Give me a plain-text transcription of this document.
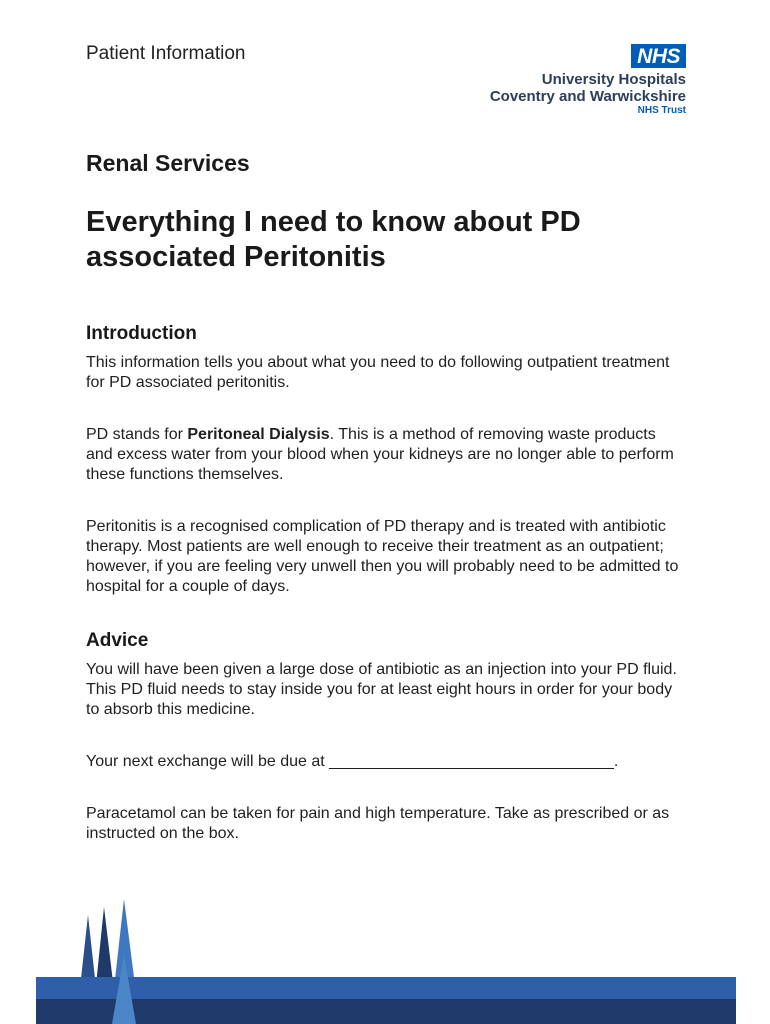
Patient Information	NHS
University Hospitals
Coventry and Warwickshire
NHS Trust
Renal Services
Everything I need to know about PD associated Peritonitis
Introduction

This information tells you about what you need to do following outpatient treatment for PD associated peritonitis.

PD stands for Peritoneal Dialysis. This is a method of removing waste products and excess water from your blood when your kidneys are no longer able to perform these functions themselves.

Peritonitis is a recognised complication of PD therapy and is treated with antibiotic therapy. Most patients are well enough to receive their treatment as an outpatient; however, if you are feeling very unwell then you will probably need to be admitted to hospital for a couple of days.

Advice

You will have been given a large dose of antibiotic as an injection into your PD fluid. This PD fluid needs to stay inside you for at least eight hours in order for your body to absorb this medicine.

Your next exchange will be due at ________________________________.

Paracetamol can be taken for pain and high temperature. Take as prescribed or as instructed on the box.
